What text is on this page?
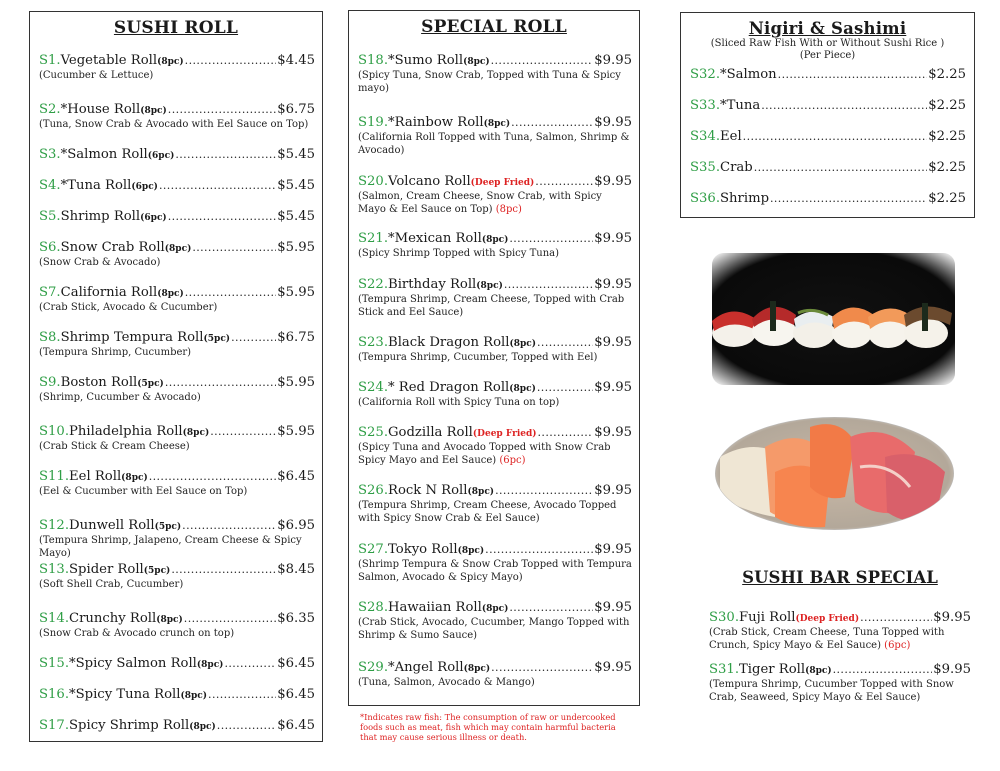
SUSHI ROLL
S1. Vegetable Roll (8pc) .....	$4.45
(Cucumber & Lettuce)
S2. *House Roll (8pc) .....	$6.75
(Tuna, Snow Crab & Avocado with Eel Sauce on Top)
S3. *Salmon Roll (6pc) .....	$5.45
S4. *Tuna Roll (6pc) .....	$5.45
S5. Shrimp Roll (6pc) .....	$5.45
S6. Snow Crab Roll (8pc) .....	$5.95
(Snow Crab & Avocado)
S7. California Roll (8pc) .....	$5.95
(Crab Stick, Avocado & Cucumber)
S8. Shrimp Tempura Roll (5pc) .....	$6.75
(Tempura Shrimp, Cucumber)
S9. Boston Roll (5pc) .....	$5.95
(Shrimp, Cucumber & Avocado)
S10. Philadelphia Roll (8pc) .....	$5.95
(Crab Stick & Cream Cheese)
S11. Eel Roll (8pc) .....	$6.45
(Eel & Cucumber with Eel Sauce on Top)
S12. Dunwell Roll (5pc) .....	$6.95
(Tempura Shrimp, Jalapeno, Cream Cheese & Spicy Mayo)
S13. Spider Roll (5pc) .....	$8.45
(Soft Shell Crab, Cucumber)
S14. Crunchy Roll (8pc) .....	$6.35
(Snow Crab & Avocado crunch on top)
S15. *Spicy Salmon Roll (8pc) .....	$6.45
S16. *Spicy Tuna Roll (8pc) .....	$6.45
S17. Spicy Shrimp Roll (8pc) .....	$6.45
SPECIAL ROLL
S18. *Sumo Roll (8pc) .....	$9.95
(Spicy Tuna, Snow Crab, Topped with Tuna & Spicy mayo)
S19. *Rainbow Roll (8pc) .....	$9.95
(California Roll Topped with Tuna, Salmon, Shrimp & Avocado)
S20. Volcano Roll (Deep Fried) .....	$9.95
(Salmon, Cream Cheese, Snow Crab, with Spicy Mayo & Eel Sauce on Top) (8pc)
S21. *Mexican Roll (8pc) .....	$9.95
(Spicy Shrimp Topped with Spicy Tuna)
S22. Birthday Roll (8pc) .....	$9.95
(Tempura Shrimp, Cream Cheese, Topped with Crab Stick and Eel Sauce)
S23. Black Dragon Roll (8pc) .....	$9.95
(Tempura Shrimp, Cucumber, Topped with Eel)
S24. * Red Dragon Roll (8pc) .....	$9.95
(California Roll with Spicy Tuna on top)
S25. Godzilla Roll (Deep Fried) .....	$9.95
(Spicy Tuna and Avocado Topped with Snow Crab Spicy Mayo and Eel Sauce) (6pc)
S26. Rock N Roll (8pc) .....	$9.95
(Tempura Shrimp, Cream Cheese, Avocado Topped with Spicy Snow Crab & Eel Sauce)
S27. Tokyo Roll (8pc) .....	$9.95
(Shrimp Tempura & Snow Crab Topped with Tempura Salmon, Avocado & Spicy Mayo)
S28. Hawaiian Roll (8pc) .....	$9.95
(Crab Stick, Avocado, Cucumber, Mango Topped with Shrimp & Sumo Sauce)
S29. *Angel Roll (8pc) .....	$9.95
(Tuna, Salmon, Avocado & Mango)
*Indicates raw fish: The consumption of raw or undercooked foods such as meat, fish which may contain harmful bacteria that may cause serious illness or death.
Nigiri & Sashimi
(Sliced Raw Fish With or Without Sushi Rice )
(Per Piece)
S32. *Salmon .....	$2.25
S33. *Tuna .....	$2.25
S34. Eel .....	$2.25
S35. Crab .....	$2.25
S36. Shrimp .....	$2.25
SUSHI BAR SPECIAL
S30. Fuji Roll (Deep Fried) .....	$9.95
(Crab Stick, Cream Cheese, Tuna Topped with Crunch, Spicy Mayo & Eel Sauce) (6pc)
S31. Tiger Roll (8pc) .....	$9.95
(Tempura Shrimp, Cucumber Topped with Snow Crab, Seaweed, Spicy Mayo & Eel Sauce)
